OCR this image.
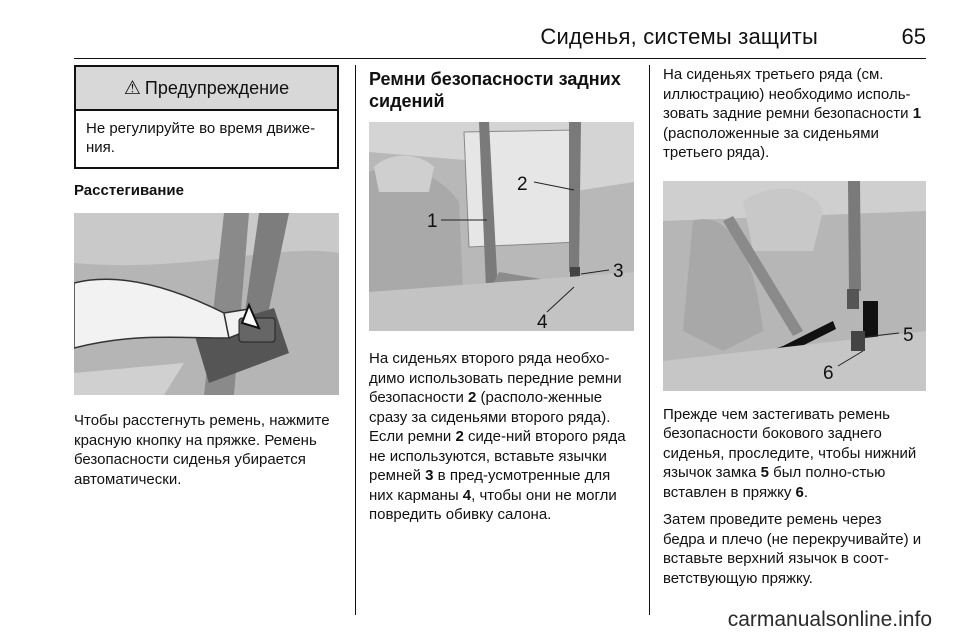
Сиденья, системы защиты	65
⚠ Предупреждение
Не регулируйте во время движе-ния.
Расстегивание

Чтобы расстегнуть ремень, нажмите красную кнопку на пряжке. Ремень безопасности сиденья убирается автоматически.

Ремни безопасности задних сидений
2
1
3
4

На сиденьях второго ряда необхо-димо использовать передние ремни безопасности 2 (располо-женные сразу за сиденьями второго ряда). Если ремни 2 сиде-ний второго ряда не используются, вставьте язычки ремней 3 в пред-усмотренные для них карманы 4, чтобы они не могли повредить обивку салона.

На сиденьях третьего ряда (см. иллюстрацию) необходимо исполь-зовать задние ремни безопасности 1 (расположенные за сиденьями третьего ряда).

5
6

Прежде чем застегивать ремень безопасности бокового заднего сиденья, проследите, чтобы нижний язычок замка 5 был полно-стью вставлен в пряжку 6.

Затем проведите ремень через бедра и плечо (не перекручивайте) и вставьте верхний язычок в соот-ветствующую пряжку.

carmanualsonline.info
